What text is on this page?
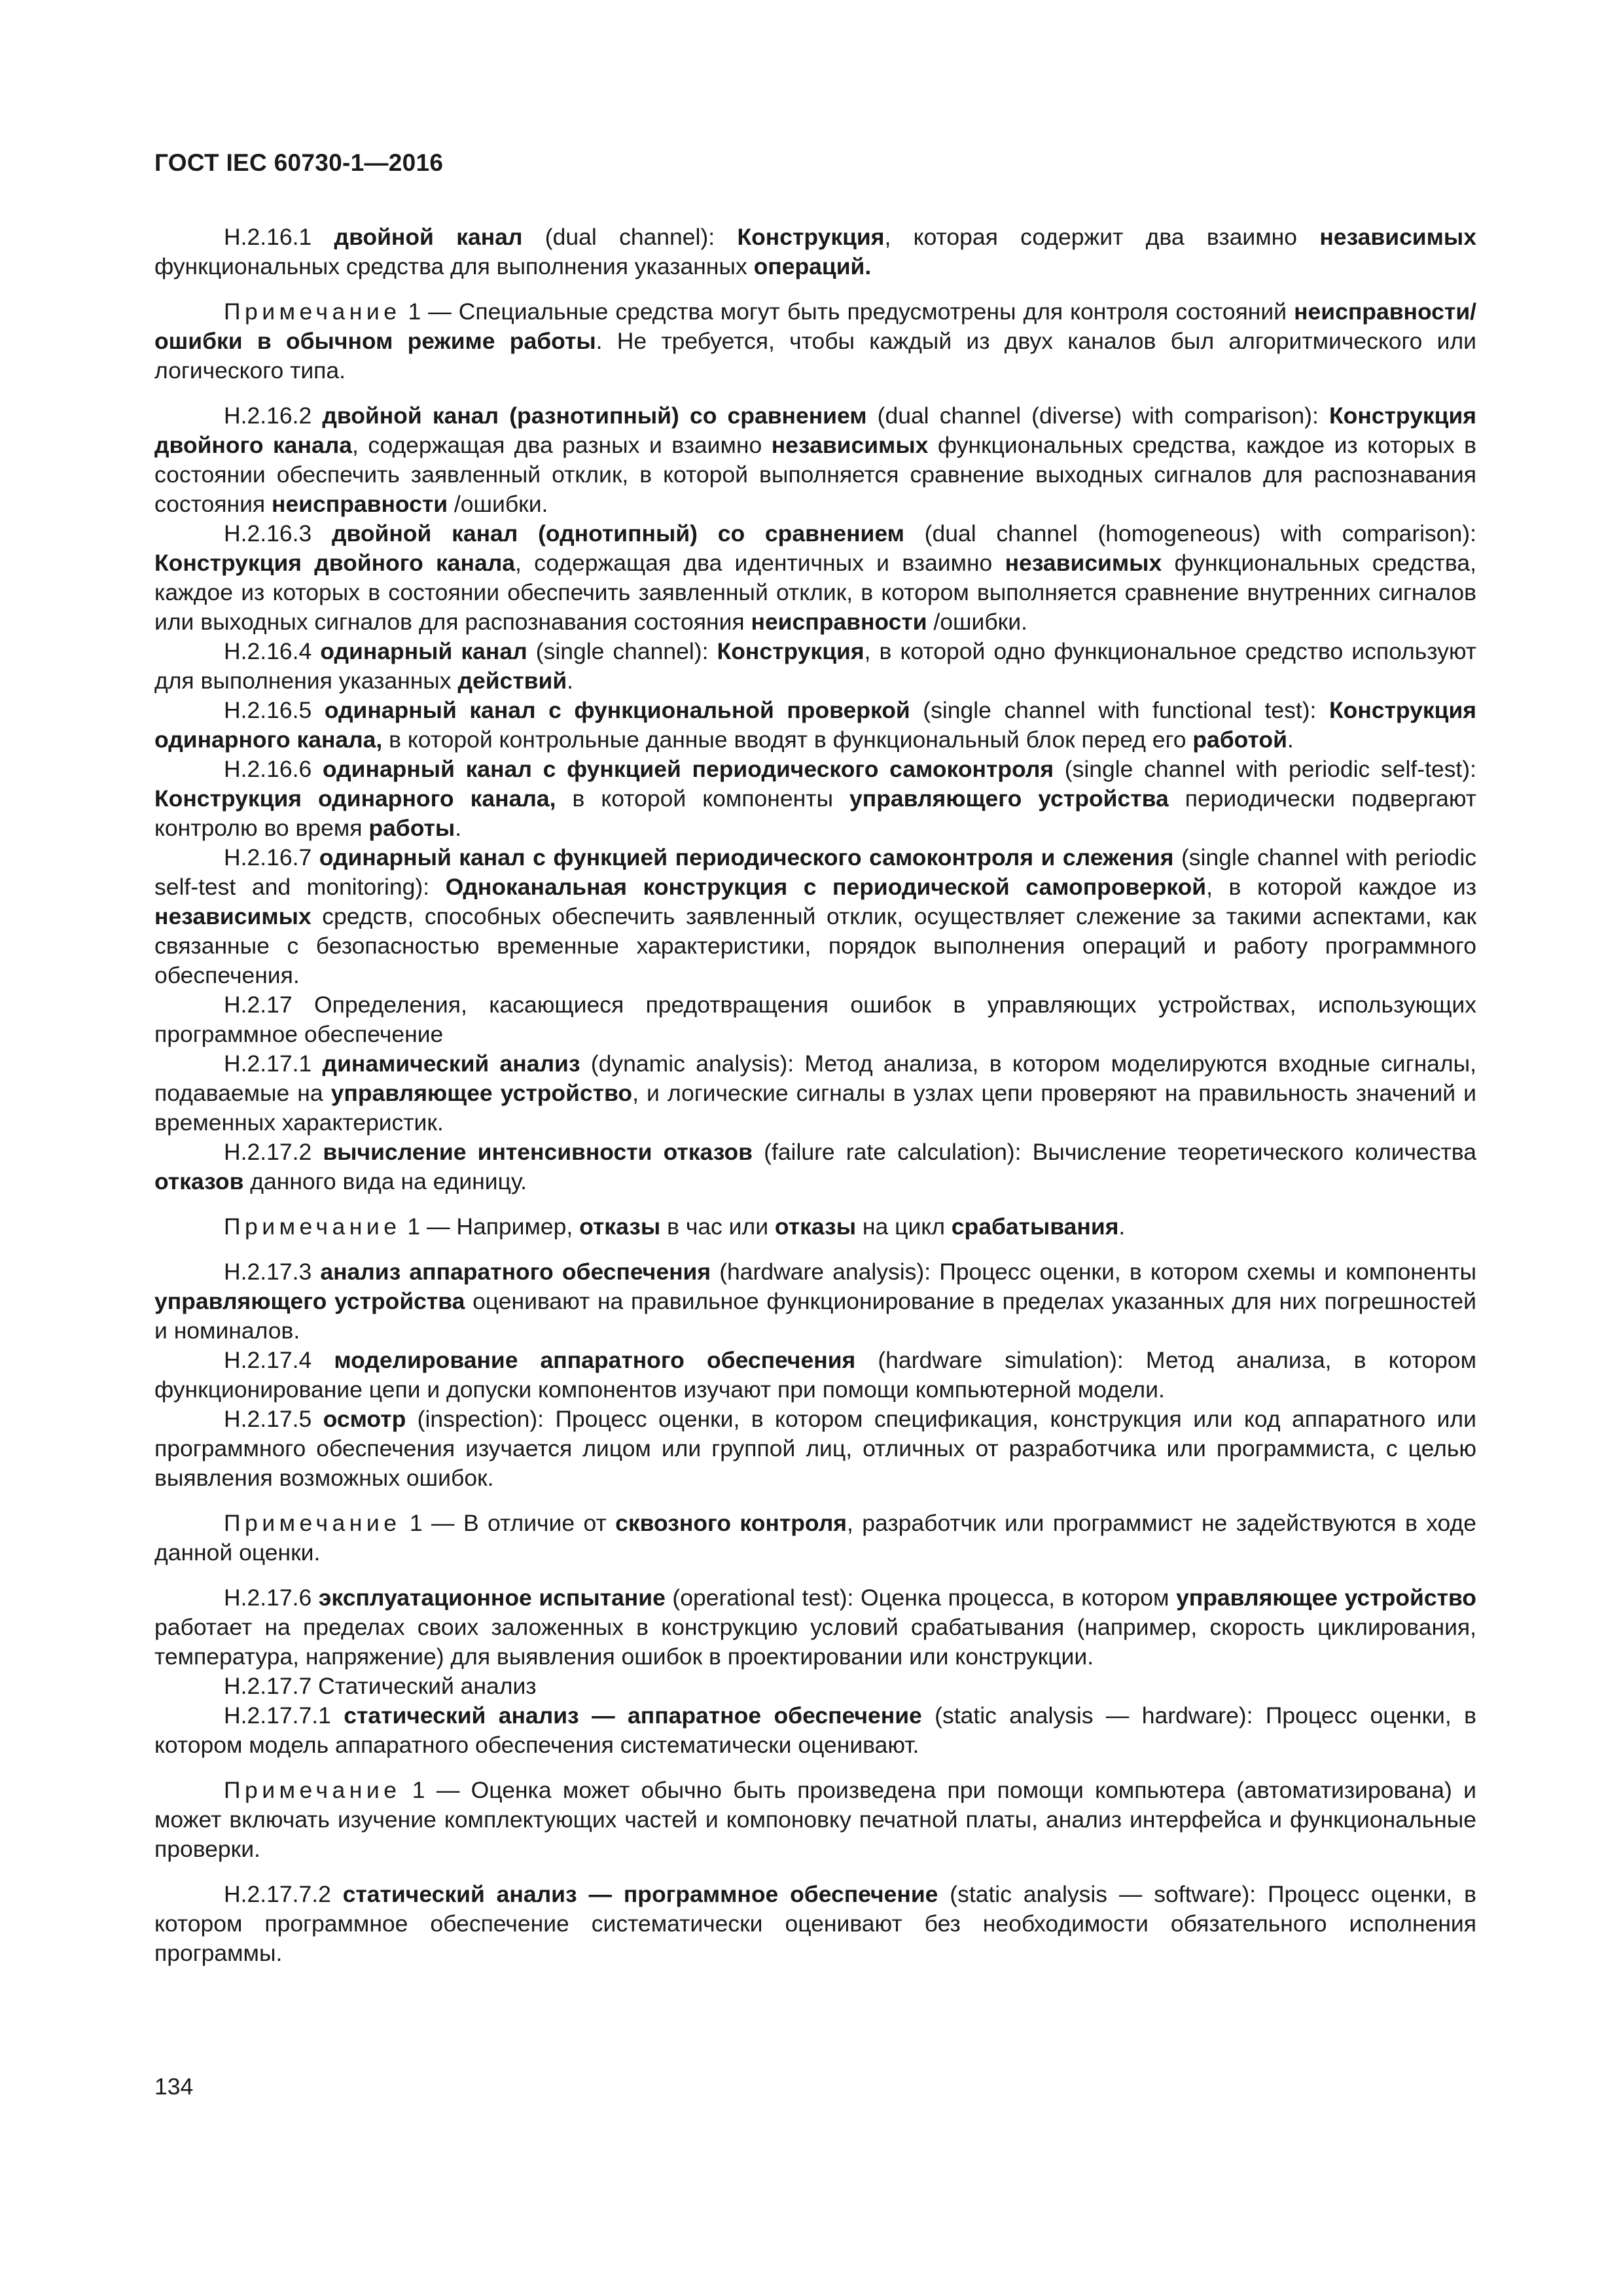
ГОСТ IEC 60730-1—2016

Н.2.16.1 двойной канал (dual channel): Конструкция, которая содержит два взаимно независимых функциональных средства для выполнения указанных операций.

Примечание 1 — Специальные средства могут быть предусмотрены для контроля состояний неисправности/ошибки в обычном режиме работы. Не требуется, чтобы каждый из двух каналов был алгоритмического или логического типа.

Н.2.16.2 двойной канал (разнотипный) со сравнением (dual channel (diverse) with comparison): Конструкция двойного канала, содержащая два разных и взаимно независимых функциональных средства, каждое из которых в состоянии обеспечить заявленный отклик, в которой выполняется сравнение выходных сигналов для распознавания состояния неисправности /ошибки.

Н.2.16.3 двойной канал (однотипный) со сравнением (dual channel (homogeneous) with comparison): Конструкция двойного канала, содержащая два идентичных и взаимно независимых функциональных средства, каждое из которых в состоянии обеспечить заявленный отклик, в котором выполняется сравнение внутренних сигналов или выходных сигналов для распознавания состояния неисправности /ошибки.

Н.2.16.4 одинарный канал (single channel): Конструкция, в которой одно функциональное средство используют для выполнения указанных действий.

Н.2.16.5 одинарный канал с функциональной проверкой (single channel with functional test): Конструкция одинарного канала, в которой контрольные данные вводят в функциональный блок перед его работой.

Н.2.16.6 одинарный канал с функцией периодического самоконтроля (single channel with periodic self-test): Конструкция одинарного канала, в которой компоненты управляющего устройства периодически подвергают контролю во время работы.

Н.2.16.7 одинарный канал с функцией периодического самоконтроля и слежения (single channel with periodic self-test and monitoring): Одноканальная конструкция с периодической самопроверкой, в которой каждое из независимых средств, способных обеспечить заявленный отклик, осуществляет слежение за такими аспектами, как связанные с безопасностью временные характеристики, порядок выполнения операций и работу программного обеспечения.

Н.2.17 Определения, касающиеся предотвращения ошибок в управляющих устройствах, использующих программное обеспечение

Н.2.17.1 динамический анализ (dynamic analysis): Метод анализа, в котором моделируются входные сигналы, подаваемые на управляющее устройство, и логические сигналы в узлах цепи проверяют на правильность значений и временных характеристик.

Н.2.17.2 вычисление интенсивности отказов (failure rate calculation): Вычисление теоретического количества отказов данного вида на единицу.

Примечание 1 — Например, отказы в час или отказы на цикл срабатывания.

Н.2.17.3 анализ аппаратного обеспечения (hardware analysis): Процесс оценки, в котором схемы и компоненты управляющего устройства оценивают на правильное функционирование в пределах указанных для них погрешностей и номиналов.

Н.2.17.4 моделирование аппаратного обеспечения (hardware simulation): Метод анализа, в котором функционирование цепи и допуски компонентов изучают при помощи компьютерной модели.

Н.2.17.5 осмотр (inspection): Процесс оценки, в котором спецификация, конструкция или код аппаратного или программного обеспечения изучается лицом или группой лиц, отличных от разработчика или программиста, с целью выявления возможных ошибок.

Примечание 1 — В отличие от сквозного контроля, разработчик или программист не задействуются в ходе данной оценки.

Н.2.17.6 эксплуатационное испытание (operational test): Оценка процесса, в котором управляющее устройство работает на пределах своих заложенных в конструкцию условий срабатывания (например, скорость циклирования, температура, напряжение) для выявления ошибок в проектировании или конструкции.

Н.2.17.7 Статический анализ

Н.2.17.7.1 статический анализ — аппаратное обеспечение (static analysis — hardware): Процесс оценки, в котором модель аппаратного обеспечения систематически оценивают.

Примечание 1 — Оценка может обычно быть произведена при помощи компьютера (автоматизирована) и может включать изучение комплектующих частей и компоновку печатной платы, анализ интерфейса и функциональные проверки.

Н.2.17.7.2 статический анализ — программное обеспечение (static analysis — software): Процесс оценки, в котором программное обеспечение систематически оценивают без необходимости обязательного исполнения программы.

134
